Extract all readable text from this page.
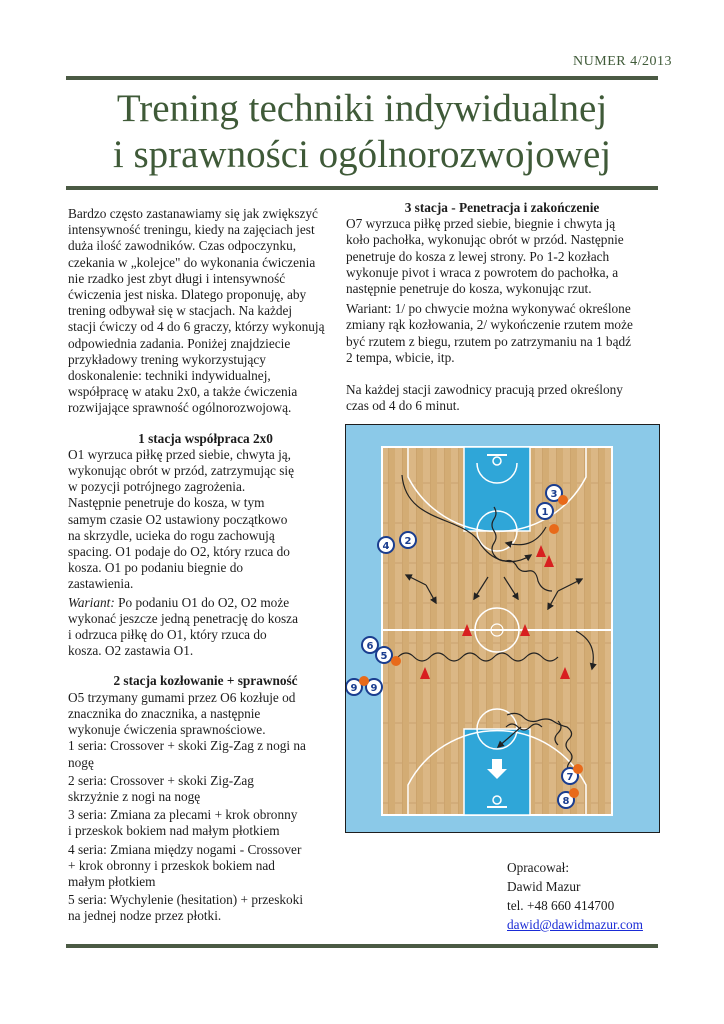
NUMER 4/2013
Trening techniki indywidualnej
i sprawności ogólnorozwojowej
Bardzo często zastanawiamy się jak zwiększyć
intensywność treningu, kiedy na zajęciach jest
duża ilość zawodników. Czas odpoczynku,
czekania w „kolejce" do wykonania ćwiczenia
nie rzadko jest zbyt długi i intensywność
ćwiczenia jest niska. Dlatego proponuję, aby
trening odbywał się w stacjach. Na każdej
stacji ćwiczy od 4 do 6 graczy, którzy wykonują
odpowiednia zadania. Poniżej znajdziecie
przykładowy trening wykorzystujący
doskonalenie: techniki indywidualnej,
współpracę w ataku 2x0, a także ćwiczenia
rozwijające sprawność ogólnorozwojową.
1 stacja współpraca 2x0
O1 wyrzuca piłkę przed siebie, chwyta ją,
wykonując obrót w przód, zatrzymując się
w pozycji potrójnego zagrożenia.
Następnie penetruje do kosza, w tym
samym czasie O2 ustawiony początkowo
na skrzydle, ucieka do rogu zachowują
spacing. O1 podaje do O2, który rzuca do
kosza. O1 po podaniu biegnie do
zastawienia.
Wariant: Po podaniu O1 do O2, O2 może
wykonać jeszcze jedną penetrację do kosza
i odrzuca piłkę do O1, który rzuca do
kosza. O2 zastawia O1.
2 stacja kozłowanie + sprawność
O5 trzymany gumami przez O6 kozłuje od
znacznika do znacznika, a następnie
wykonuje ćwiczenia sprawnościowe.
1 seria: Crossover + skoki Zig-Zag z nogi na
nogę
2 seria: Crossover + skoki Zig-Zag
skrzyżnie z nogi na nogę
3 seria: Zmiana za plecami + krok obronny
i przeskok bokiem nad małym płotkiem
4 seria: Zmiana między nogami - Crossover
+ krok obronny i przeskok bokiem nad
małym płotkiem
5 seria: Wychylenie (hesitation) + przeskoki
na jednej nodze przez płotki.
3 stacja - Penetracja i zakończenie
O7 wyrzuca piłkę przed siebie, biegnie i chwyta ją
koło pachołka, wykonując obrót w przód. Następnie
penetruje do kosza z lewej strony. Po 1-2 kozłach
wykonuje pivot i wraca z powrotem do pachołka, a
następnie penetruje do kosza, wykonując rzut.
Wariant: 1/ po chwycie można wykonywać określone
zmiany rąk kozłowania, 2/ wykończenie rzutem może
być rzutem z biegu, rzutem po zatrzymaniu na 1 bądź
2 tempa, wbicie, itp.
Na każdej stacji zawodnicy pracują przed określony
czas od 4 do 6 minut.
3
1
4 2
6
5
9 9
7
8
Opracował:
Dawid Mazur
tel. +48 660 414700
dawid@dawidmazur.com
